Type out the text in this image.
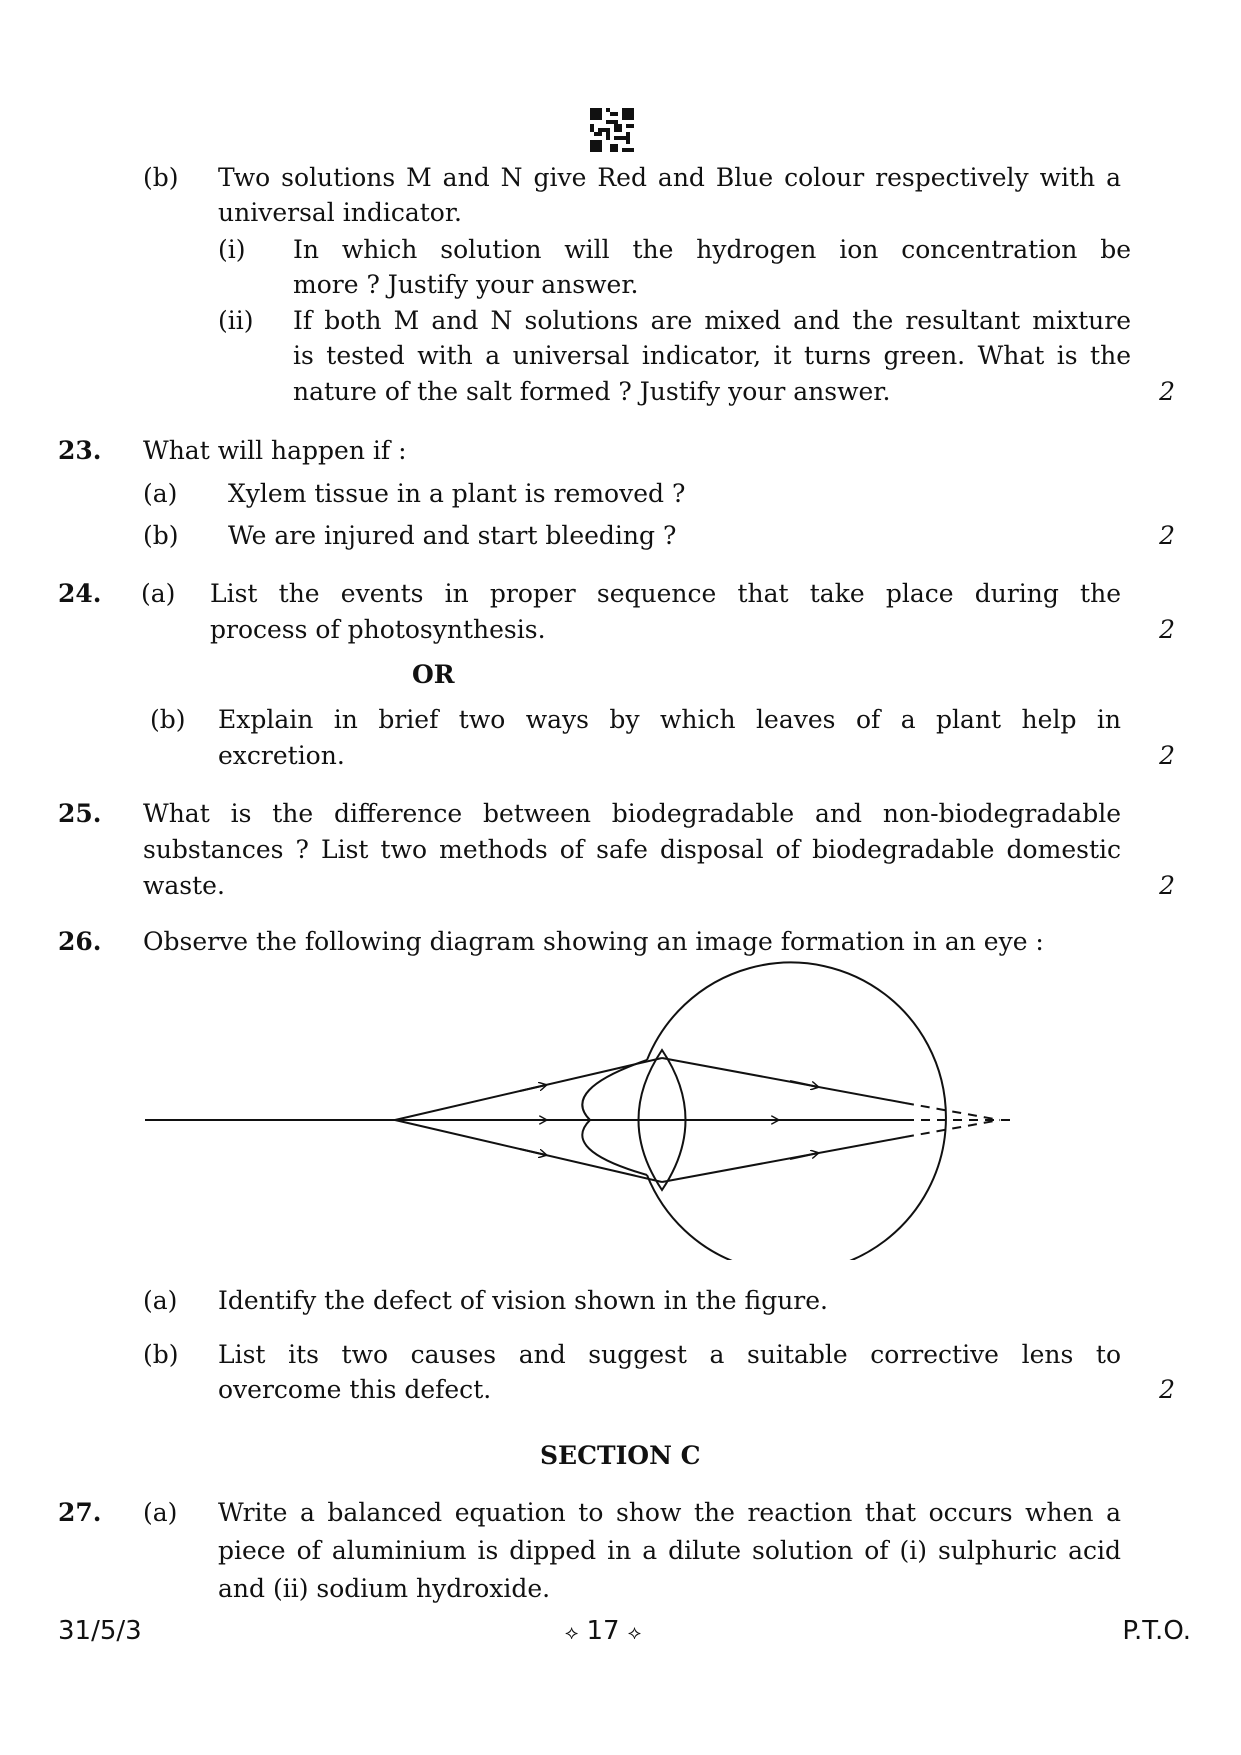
(b) Two solutions M and N give Red and Blue colour respectively with a
universal indicator.
(i) In which solution will the hydrogen ion concentration be
more ? Justify your answer.
(ii) If both M and N solutions are mixed and the resultant mixture
is tested with a universal indicator, it turns green. What is the
nature of the salt formed ? Justify your answer.	2
23. What will happen if :
(a) Xylem tissue in a plant is removed ?
(b) We are injured and start bleeding ?	2
24. (a) List the events in proper sequence that take place during the
process of photosynthesis.	2
OR
(b) Explain in brief two ways by which leaves of a plant help in
excretion.	2
25. What is the difference between biodegradable and non-biodegradable
substances ? List two methods of safe disposal of biodegradable domestic
waste.	2
26. Observe the following diagram showing an image formation in an eye :
(a) Identify the defect of vision shown in the figure.
(b) List its two causes and suggest a suitable corrective lens to
overcome this defect.	2
SECTION C
27. (a) Write a balanced equation to show the reaction that occurs when a
piece of aluminium is dipped in a dilute solution of (i) sulphuric acid
and (ii) sodium hydroxide.
31/5/3	⟡ 17 ⟡	P.T.O.
